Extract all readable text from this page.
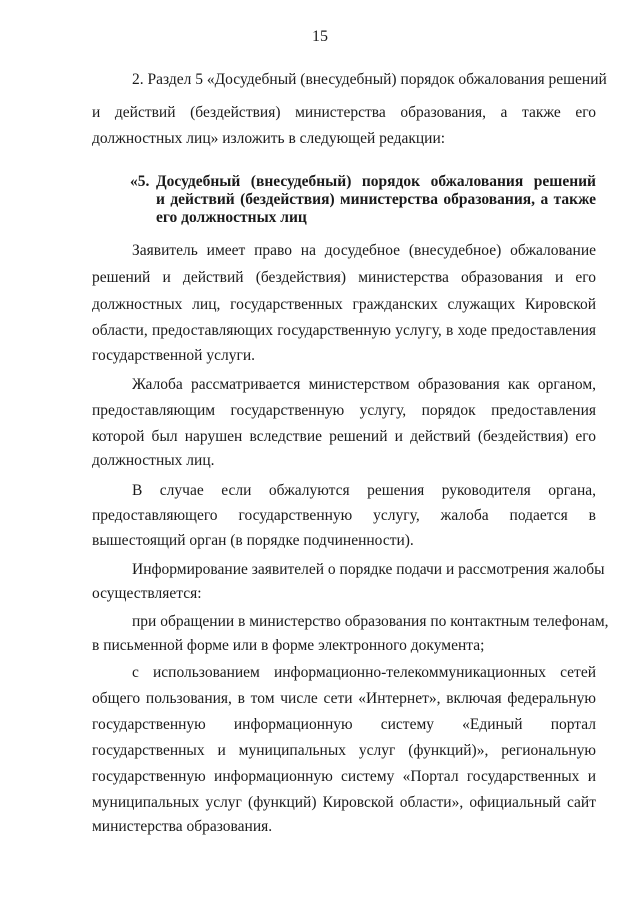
15
2. Раздел 5 «Досудебный (внесудебный) порядок обжалования решений
и действий (бездействия) министерства образования, а также его
должностных лиц» изложить в следующей редакции:
«5. Досудебный (внесудебный) порядок обжалования решений
и действий (бездействия) министерства образования, а также
его должностных лиц
Заявитель имеет право на досудебное (внесудебное) обжалование
решений и действий (бездействия) министерства образования и его
должностных лиц, государственных гражданских служащих Кировской
области, предоставляющих государственную услугу, в ходе предоставления
государственной услуги.
Жалоба рассматривается министерством образования как органом,
предоставляющим государственную услугу, порядок предоставления
которой был нарушен вследствие решений и действий (бездействия) его
должностных лиц.
В случае если обжалуются решения руководителя органа,
предоставляющего государственную услугу, жалоба подается в
вышестоящий орган (в порядке подчиненности).
Информирование заявителей о порядке подачи и рассмотрения жалобы
осуществляется:
при обращении в министерство образования по контактным телефонам,
в письменной форме или в форме электронного документа;
с использованием информационно-телекоммуникационных сетей
общего пользования, в том числе сети «Интернет», включая федеральную
государственную информационную систему «Единый портал
государственных и муниципальных услуг (функций)», региональную
государственную информационную систему «Портал государственных и
муниципальных услуг (функций) Кировской области», официальный сайт
министерства образования.
